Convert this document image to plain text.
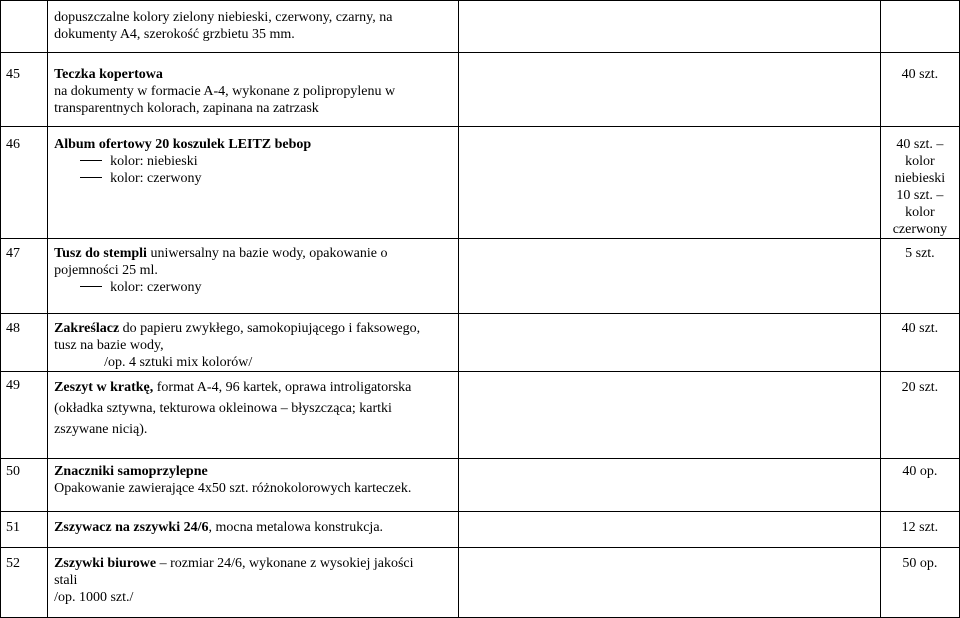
	dopuszczalne kolory zielony niebieski, czerwony, czarny, na
dokumenty A4, szerokość grzbietu 35 mm.		

45	Teczka kopertowa
na dokumenty w formacie A-4, wykonane z polipropylenu w
transparentnych kolorach, zapinana na zatrzask		40 szt.
46	Album ofertowy 20 koszulek LEITZ bebop
kolor: niebieski
kolor: czerwony		40 szt. – kolor
niebieski
10 szt. – kolor
czerwony

47	Tusz do stempli uniwersalny na bazie wody, opakowanie o
pojemności 25 ml.
kolor: czerwony		5 szt.
48	Zakreślacz do papieru zwykłego, samokopiującego i faksowego,
tusz na bazie wody,
/op. 4 sztuki mix kolorów/		40 szt.
49	Zeszyt w kratkę, format A-4, 96 kartek, oprawa introligatorska
(okładka sztywna, tekturowa okleinowa – błyszcząca; kartki
zszywane nicią).		20 szt.
50	Znaczniki samoprzylepne
Opakowanie zawierające 4x50 szt. różnokolorowych karteczek.		40 op.
51	Zszywacz na zszywki 24/6, mocna metalowa konstrukcja.		12 szt.
52	Zszywki biurowe – rozmiar 24/6, wykonane z wysokiej jakości
stali
/op. 1000 szt./		50 op.
